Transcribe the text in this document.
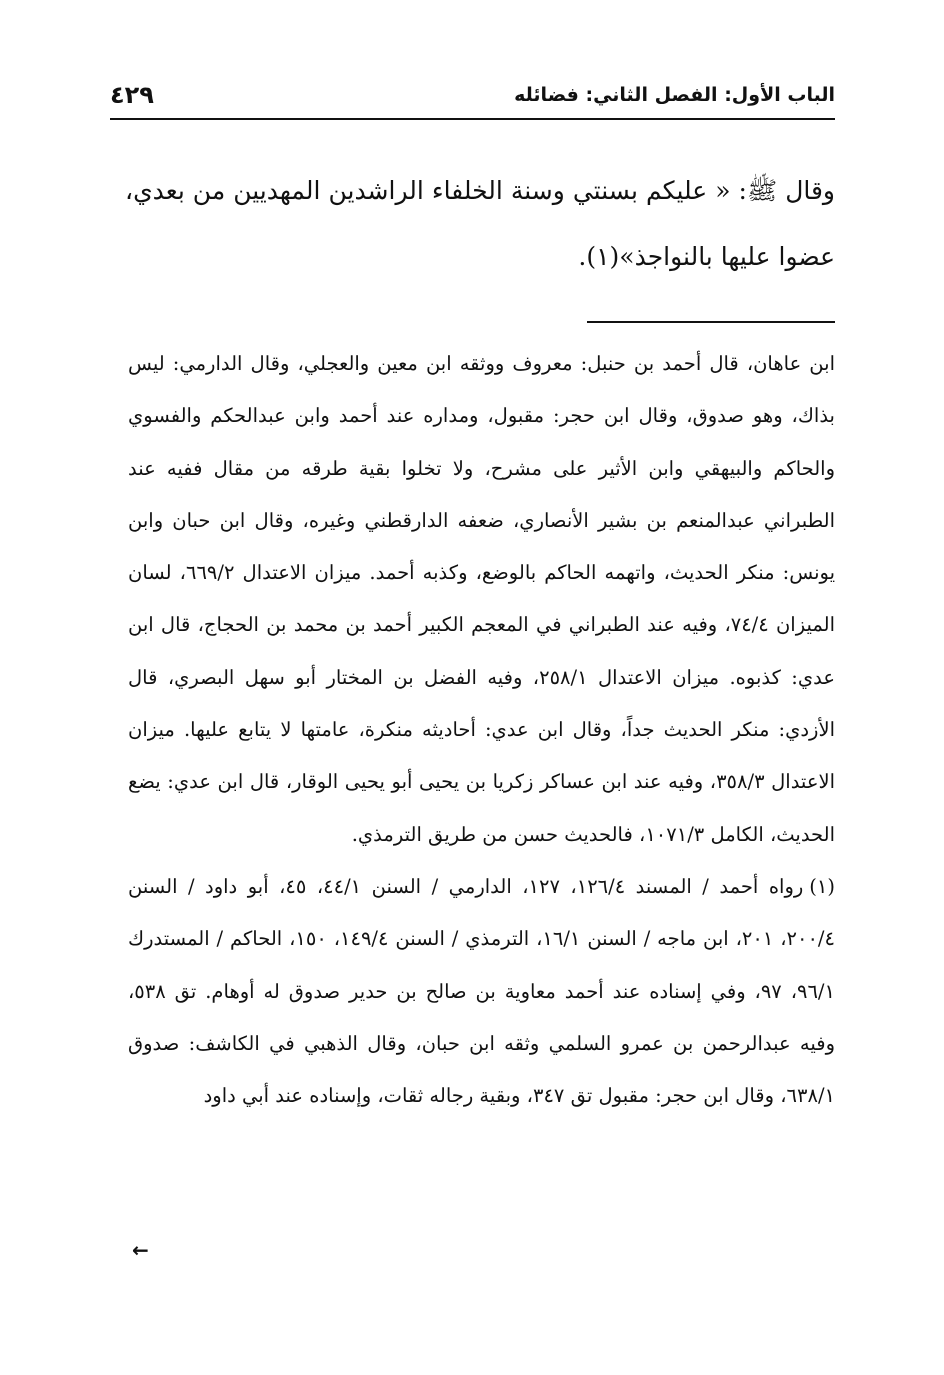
الباب الأول: الفصل الثاني: فضائله
٤٢٩

وقال ﷺ: « عليكم بسنتي وسنة الخلفاء الراشدين المهديين من بعدي، عضوا عليها بالنواجذ»(١).

ابن عاهان، قال أحمد بن حنبل: معروف ووثقه ابن معين والعجلي، وقال الدارمي: ليس بذاك، وهو صدوق، وقال ابن حجر: مقبول، ومداره عند أحمد وابن عبدالحكم والفسوي والحاكم والبيهقي وابن الأثير على مشرح، ولا تخلوا بقية طرقه من مقال ففيه عند الطبراني عبدالمنعم بن بشير الأنصاري، ضعفه الدارقطني وغيره، وقال ابن حبان وابن يونس: منكر الحديث، واتهمه الحاكم بالوضع، وكذبه أحمد. ميزان الاعتدال ٦٦٩/٢، لسان الميزان ٧٤/٤، وفيه عند الطبراني في المعجم الكبير أحمد بن محمد بن الحجاج، قال ابن عدي: كذبوه. ميزان الاعتدال ٢٥٨/١، وفيه الفضل بن المختار أبو سهل البصري، قال الأزدي: منكر الحديث جداً، وقال ابن عدي: أحاديثه منكرة، عامتها لا يتابع عليها. ميزان الاعتدال ٣٥٨/٣، وفيه عند ابن عساكر زكريا بن يحيى أبو يحيى الوقار، قال ابن عدي: يضع الحديث، الكامل ١٠٧١/٣، فالحديث حسن من طريق الترمذي.

(١)رواه أحمد / المسند ١٢٦/٤، ١٢٧، الدارمي / السنن ٤٤/١، ٤٥، أبو داود / السنن ٢٠٠/٤، ٢٠١، ابن ماجه / السنن ١٦/١، الترمذي / السنن ١٤٩/٤، ١٥٠، الحاكم / المستدرك ٩٦/١، ٩٧، وفي إسناده عند أحمد معاوية بن صالح بن حدير صدوق له أوهام. تق ٥٣٨، وفيه عبدالرحمن بن عمرو السلمي وثقه ابن حبان، وقال الذهبي في الكاشف: صدوق ٦٣٨/١، وقال ابن حجر: مقبول تق ٣٤٧، وبقية رجاله ثقات، وإسناده عند أبي داود

←
